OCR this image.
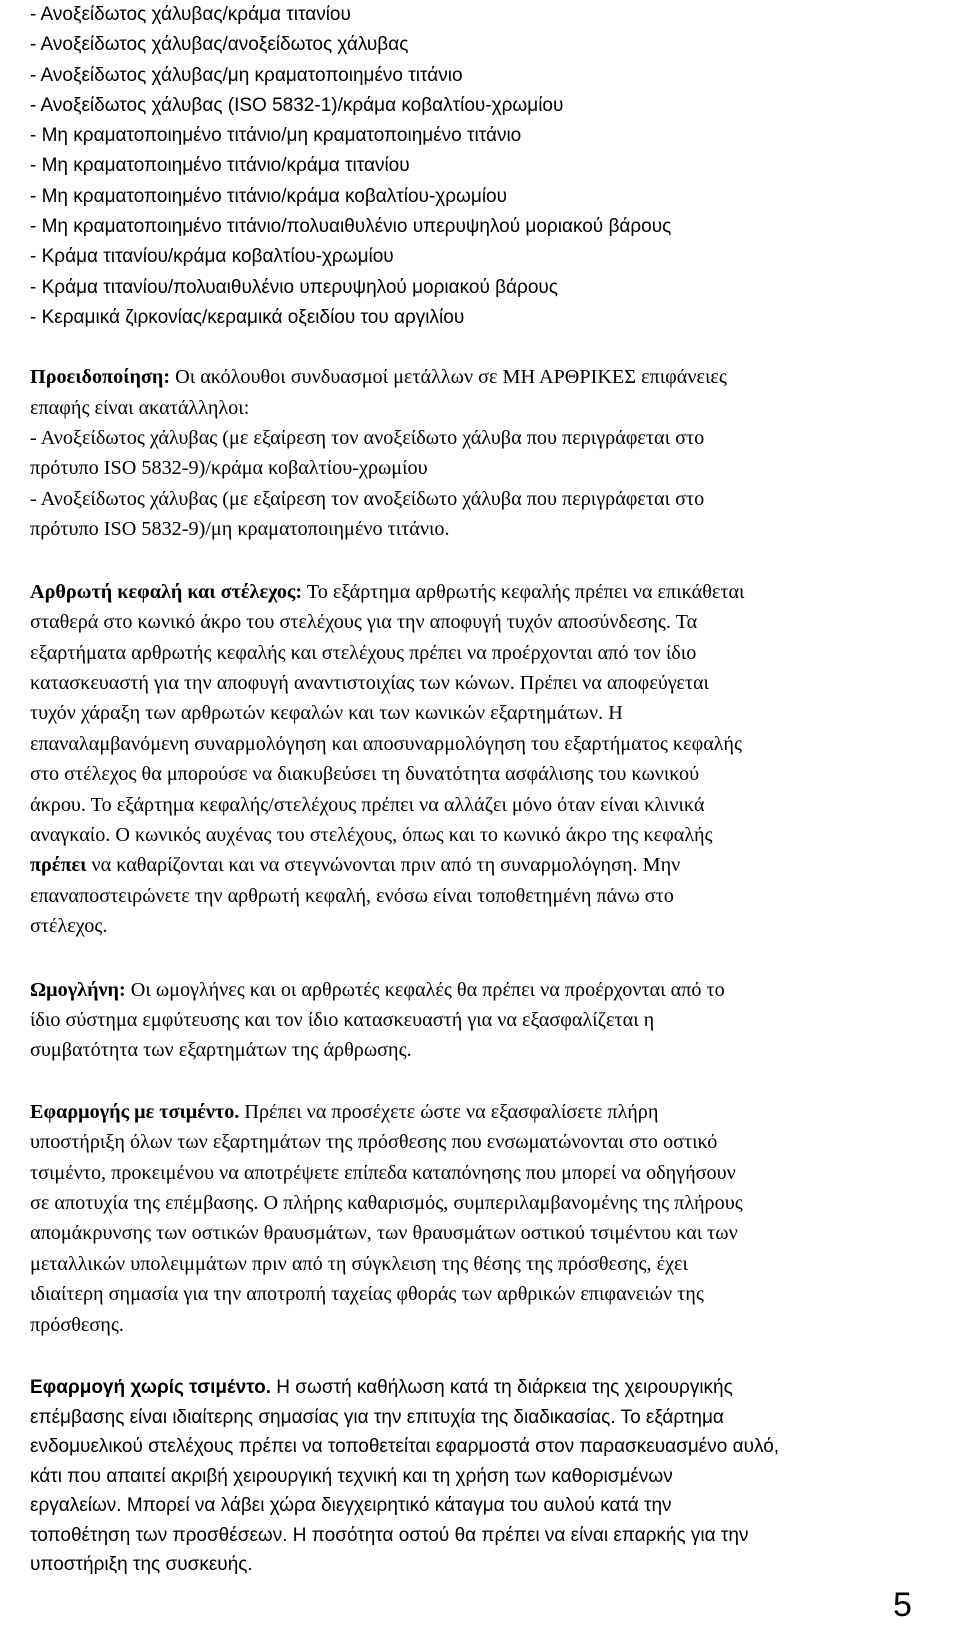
- Ανοξείδωτος χάλυβας/κράμα τιτανίου
- Ανοξείδωτος χάλυβας/ανοξείδωτος χάλυβας
- Ανοξείδωτος χάλυβας/μη κραματοποιημένο τιτάνιο
- Ανοξείδωτος χάλυβας (ISO 5832-1)/κράμα κοβαλτίου-χρωμίου
- Μη κραματοποιημένο τιτάνιο/μη κραματοποιημένο τιτάνιο
- Μη κραματοποιημένο τιτάνιο/κράμα τιτανίου
- Μη κραματοποιημένο τιτάνιο/κράμα κοβαλτίου-χρωμίου
- Μη κραματοποιημένο τιτάνιο/πολυαιθυλένιο υπερυψηλού μοριακού βάρους
- Κράμα τιτανίου/κράμα κοβαλτίου-χρωμίου
- Κράμα τιτανίου/πολυαιθυλένιο υπερυψηλού μοριακού βάρους
- Κεραμικά ζιρκονίας/κεραμικά οξειδίου του αργιλίου

Προειδοποίηση: Οι ακόλουθοι συνδυασμοί μετάλλων σε ΜΗ ΑΡΘΡΙΚΕΣ επιφάνειες
επαφής είναι ακατάλληλοι:
- Ανοξείδωτος χάλυβας (με εξαίρεση τον ανοξείδωτο χάλυβα που περιγράφεται στο
πρότυπο ISO 5832-9)/κράμα κοβαλτίου-χρωμίου
- Ανοξείδωτος χάλυβας (με εξαίρεση τον ανοξείδωτο χάλυβα που περιγράφεται στο
πρότυπο ISO 5832-9)/μη κραματοποιημένο τιτάνιο.

Αρθρωτή κεφαλή και στέλεχος: Το εξάρτημα αρθρωτής κεφαλής πρέπει να επικάθεται
σταθερά στο κωνικό άκρο του στελέχους για την αποφυγή τυχόν αποσύνδεσης. Τα
εξαρτήματα αρθρωτής κεφαλής και στελέχους πρέπει να προέρχονται από τον ίδιο
κατασκευαστή για την αποφυγή αναντιστοιχίας των κώνων. Πρέπει να αποφεύγεται
τυχόν χάραξη των αρθρωτών κεφαλών και των κωνικών εξαρτημάτων. Η
επαναλαμβανόμενη συναρμολόγηση και αποσυναρμολόγηση του εξαρτήματος κεφαλής
στο στέλεχος θα μπορούσε να διακυβεύσει τη δυνατότητα ασφάλισης του κωνικού
άκρου. Το εξάρτημα κεφαλής/στελέχους πρέπει να αλλάζει μόνο όταν είναι κλινικά
αναγκαίο. Ο κωνικός αυχένας του στελέχους, όπως και το κωνικό άκρο της κεφαλής
πρέπει να καθαρίζονται και να στεγνώνονται πριν από τη συναρμολόγηση. Μην
επαναποστειρώνετε την αρθρωτή κεφαλή, ενόσω είναι τοποθετημένη πάνω στο
στέλεχος.

Ωμογλήνη: Οι ωμογλήνες και οι αρθρωτές κεφαλές θα πρέπει να προέρχονται από το
ίδιο σύστημα εμφύτευσης και τον ίδιο κατασκευαστή για να εξασφαλίζεται η
συμβατότητα των εξαρτημάτων της άρθρωσης.

Εφαρμογής με τσιμέντο. Πρέπει να προσέχετε ώστε να εξασφαλίσετε πλήρη
υποστήριξη όλων των εξαρτημάτων της πρόσθεσης που ενσωματώνονται στο οστικό
τσιμέντο, προκειμένου να αποτρέψετε επίπεδα καταπόνησης που μπορεί να οδηγήσουν
σε αποτυχία της επέμβασης. Ο πλήρης καθαρισμός, συμπεριλαμβανομένης της πλήρους
απομάκρυνσης των οστικών θραυσμάτων, των θραυσμάτων οστικού τσιμέντου και των
μεταλλικών υπολειμμάτων πριν από τη σύγκλειση της θέσης της πρόσθεσης, έχει
ιδιαίτερη σημασία για την αποτροπή ταχείας φθοράς των αρθρικών επιφανειών της
πρόσθεσης.

Εφαρμογή χωρίς τσιμέντο. Η σωστή καθήλωση κατά τη διάρκεια της χειρουργικής
επέμβασης είναι ιδιαίτερης σημασίας για την επιτυχία της διαδικασίας. Το εξάρτημα
ενδομυελικού στελέχους πρέπει να τοποθετείται εφαρμοστά στον παρασκευασμένο αυλό,
κάτι που απαιτεί ακριβή χειρουργική τεχνική και τη χρήση των καθορισμένων
εργαλείων. Μπορεί να λάβει χώρα διεγχειρητικό κάταγμα του αυλού κατά την
τοποθέτηση των προσθέσεων. Η ποσότητα οστού θα πρέπει να είναι επαρκής για την
υποστήριξη της συσκευής.

5
